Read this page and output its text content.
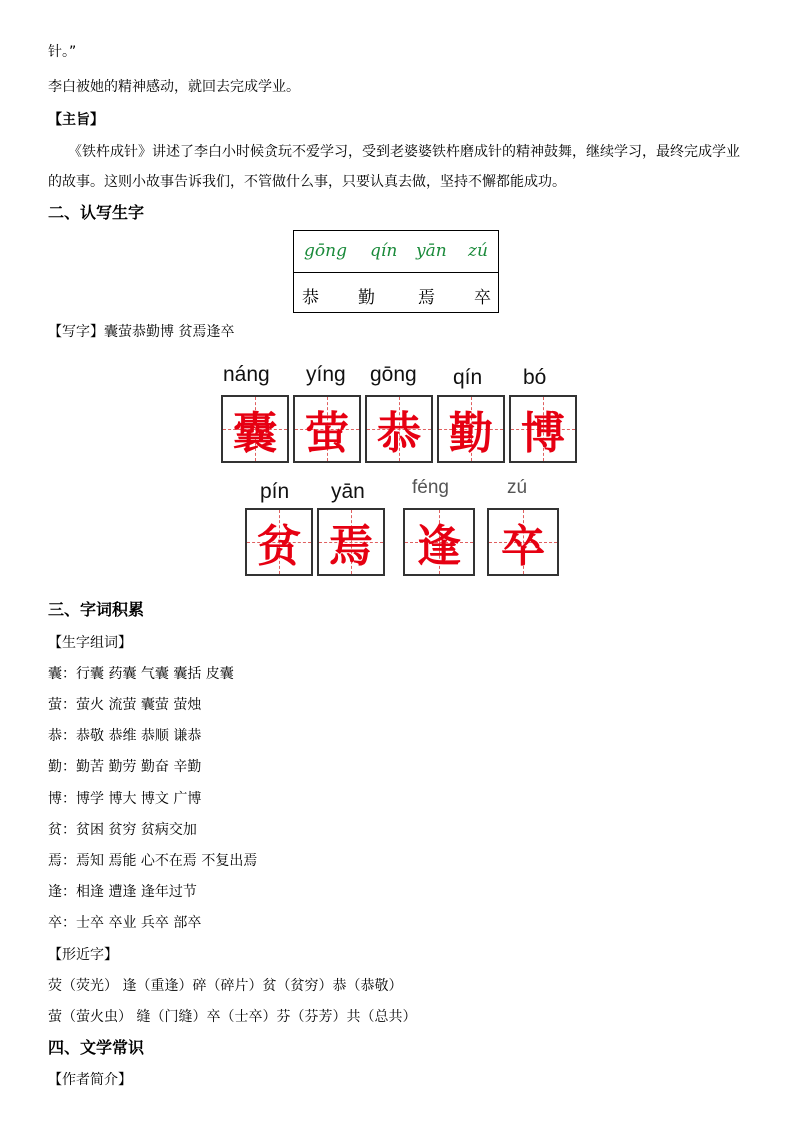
针。”
李白被她的精神感动，就回去完成学业。
【主旨】
《铁杵成针》讲述了李白小时候贪玩不爱学习，受到老婆婆铁杵磨成针的精神鼓舞，继续学习，最终完成学业
的故事。这则小故事告诉我们，不管做什么事，只要认真去做，坚持不懈都能成功。
二、认写生字
gōng qín yān zú
恭 勤	焉 卒
【写字】囊萤恭勤博 贫焉逢卒
náng yíng gōng qín bó
囊 萤 恭 勤 博
pín yān féng	zú
贫 焉 逢 卒
三、字词积累
【生字组词】
囊：行囊 药囊 气囊 囊括 皮囊
萤：萤火 流萤 囊萤 萤烛
恭：恭敬 恭维 恭顺 谦恭
勤：勤苦 勤劳 勤奋 辛勤
博：博学 博大 博文 广博
贫：贫困 贫穷 贫病交加
焉：焉知 焉能 心不在焉 不复出焉
逢：相逢 遭逢 逢年过节
卒：士卒 卒业 兵卒 部卒
【形近字】
荧（荧光） 逢（重逢）碎（碎片）贫（贫穷）恭（恭敬）
萤（萤火虫） 缝（门缝）卒（士卒）芬（芬芳）共（总共）
四、文学常识
【作者简介】
